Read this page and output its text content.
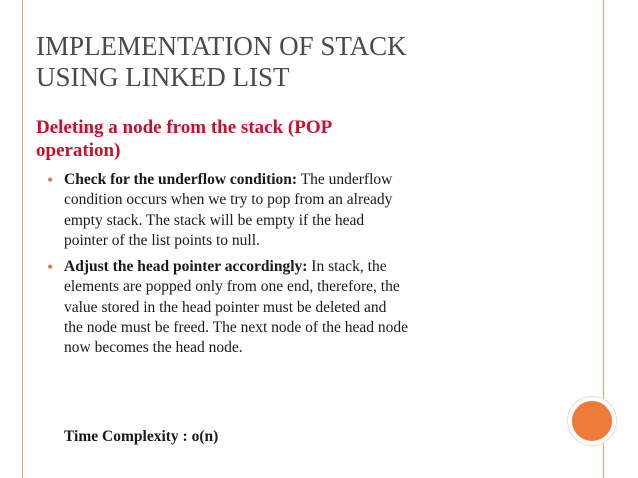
IMPLEMENTATION OF STACK
USING LINKED LIST
Deleting a node from the stack (POP
operation)
• Check for the underflow condition: The underflow
condition occurs when we try to pop from an already
empty stack. The stack will be empty if the head
pointer of the list points to null.
• Adjust the head pointer accordingly: In stack, the
elements are popped only from one end, therefore, the
value stored in the head pointer must be deleted and
the node must be freed. The next node of the head node
now becomes the head node.
Time Complexity : o(n)
